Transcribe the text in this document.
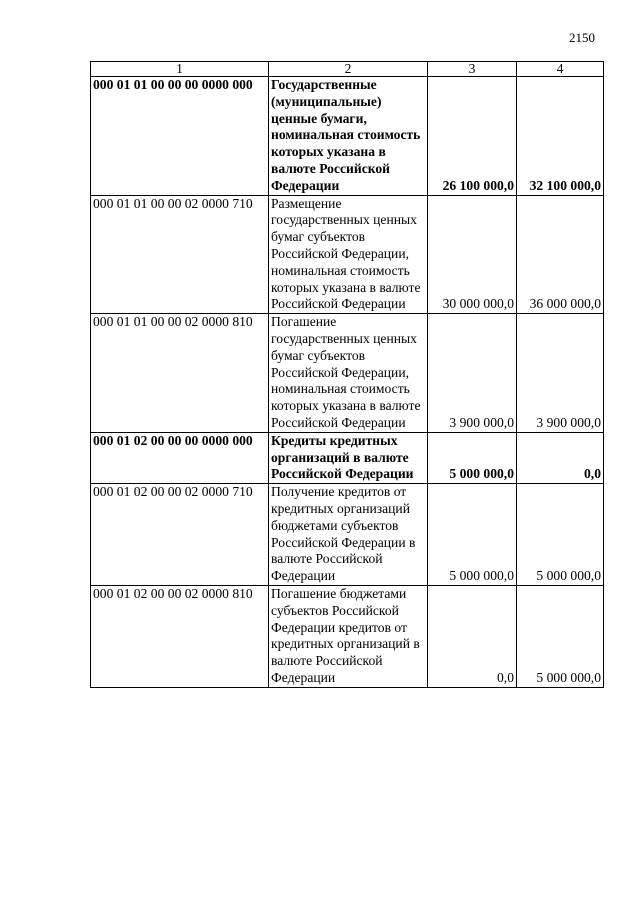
2150
1	2	3	4
000 01 01 00 00 00 0000 000	Государственные (муниципальные) ценные бумаги, номинальная стоимость которых указана в валюте Российской Федерации	26 100 000,0	32 100 000,0
000 01 01 00 00 02 0000 710	Размещение государственных ценных бумаг субъектов Российской Федерации, номинальная стоимость которых указана в валюте Российской Федерации	30 000 000,0	36 000 000,0
000 01 01 00 00 02 0000 810	Погашение государственных ценных бумаг субъектов Российской Федерации, номинальная стоимость которых указана в валюте Российской Федерации	3 900 000,0	3 900 000,0
000 01 02 00 00 00 0000 000	Кредиты кредитных организаций в валюте Российской Федерации	5 000 000,0	0,0
000 01 02 00 00 02 0000 710	Получение кредитов от кредитных организаций бюджетами субъектов Российской Федерации в валюте Российской Федерации	5 000 000,0	5 000 000,0
000 01 02 00 00 02 0000 810	Погашение бюджетами субъектов Российской Федерации кредитов от кредитных организаций в валюте Российской Федерации	0,0	5 000 000,0
